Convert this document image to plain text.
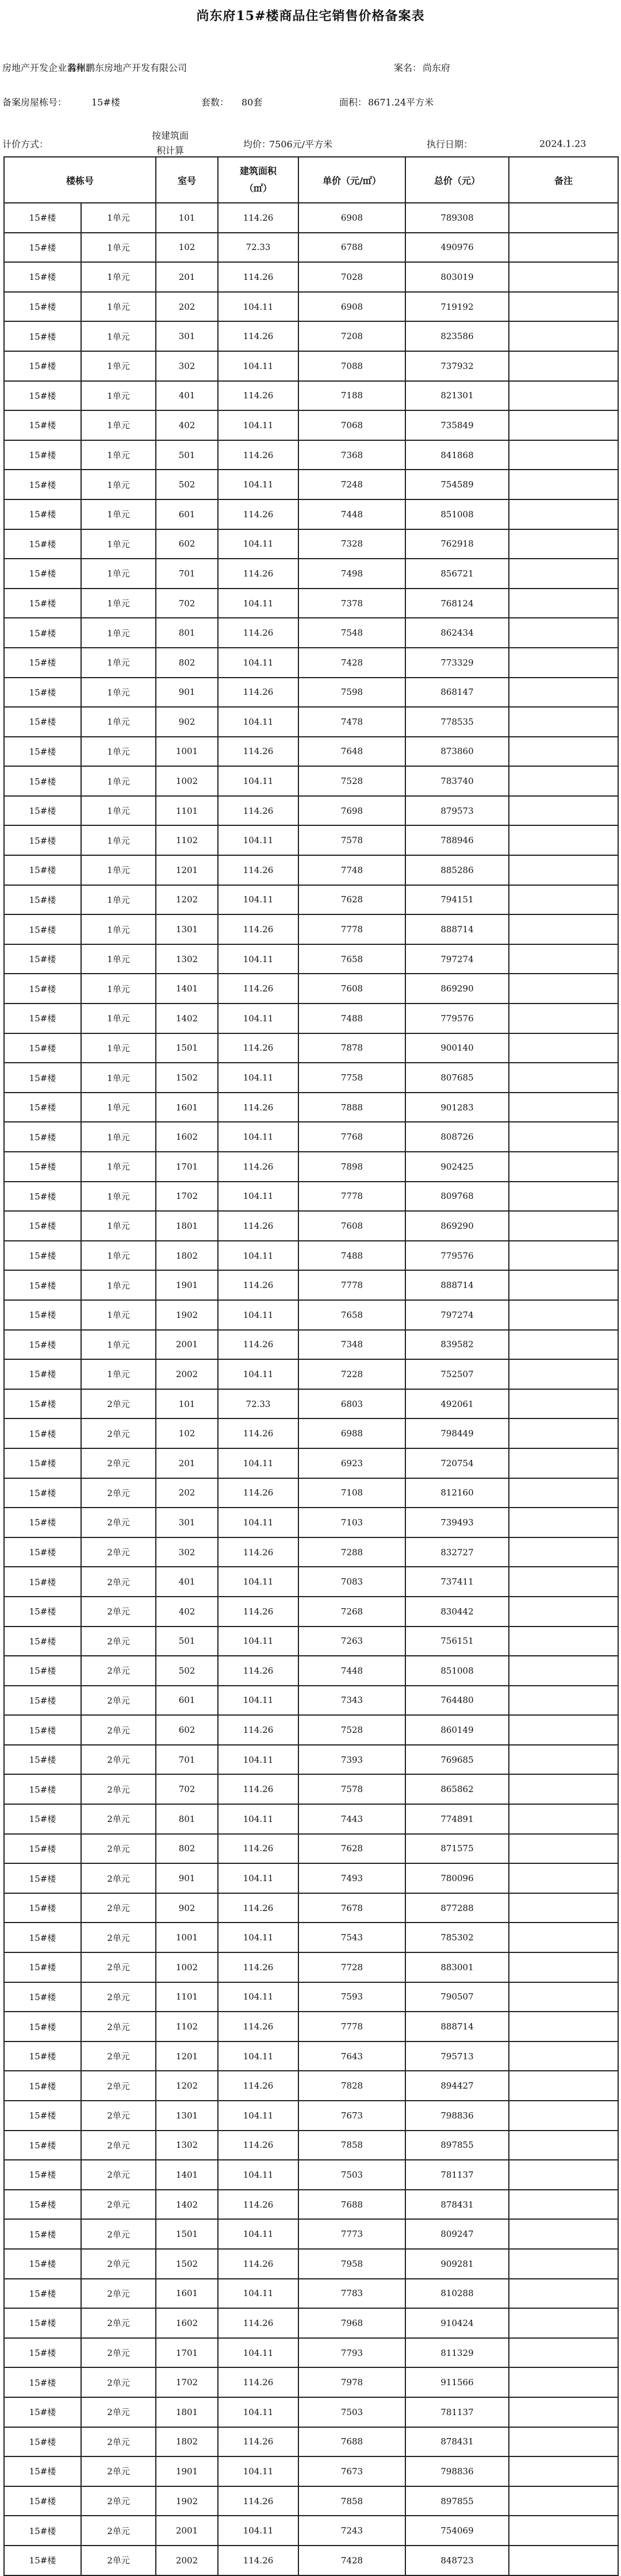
尚东府15#楼商品住宅销售价格备案表
房地产开发企业名称：
滁州鹏东房地产开发有限公司	案名： 尚东府
备案房屋栋号：	15#楼	套数： 80套	面积： 8671.24平方米
计价方式：
按建筑面
积计算
均价：
7506元/平方米	执行日期：	2024.1.23
楼栋号		室号	建筑面积
（㎡）	单价（元/㎡）	总价（元）	备注
15#楼	1单元	101	114.26	6908	789308	
15#楼	1单元	102	72.33	6788	490976	
15#楼	1单元	201	114.26	7028	803019	
15#楼	1单元	202	104.11	6908	719192	
15#楼	1单元	301	114.26	7208	823586	
15#楼	1单元	302	104.11	7088	737932	
15#楼	1单元	401	114.26	7188	821301	
15#楼	1单元	402	104.11	7068	735849	
15#楼	1单元	501	114.26	7368	841868	
15#楼	1单元	502	104.11	7248	754589	
15#楼	1单元	601	114.26	7448	851008	
15#楼	1单元	602	104.11	7328	762918	
15#楼	1单元	701	114.26	7498	856721	
15#楼	1单元	702	104.11	7378	768124	
15#楼	1单元	801	114.26	7548	862434	
15#楼	1单元	802	104.11	7428	773329	
15#楼	1单元	901	114.26	7598	868147	
15#楼	1单元	902	104.11	7478	778535	
15#楼	1单元	1001	114.26	7648	873860	
15#楼	1单元	1002	104.11	7528	783740	
15#楼	1单元	1101	114.26	7698	879573	
15#楼	1单元	1102	104.11	7578	788946	
15#楼	1单元	1201	114.26	7748	885286	
15#楼	1单元	1202	104.11	7628	794151	
15#楼	1单元	1301	114.26	7778	888714	
15#楼	1单元	1302	104.11	7658	797274	
15#楼	1单元	1401	114.26	7608	869290	
15#楼	1单元	1402	104.11	7488	779576	
15#楼	1单元	1501	114.26	7878	900140	
15#楼	1单元	1502	104.11	7758	807685	
15#楼	1单元	1601	114.26	7888	901283	
15#楼	1单元	1602	104.11	7768	808726	
15#楼	1单元	1701	114.26	7898	902425	
15#楼	1单元	1702	104.11	7778	809768	
15#楼	1单元	1801	114.26	7608	869290	
15#楼	1单元	1802	104.11	7488	779576	
15#楼	1单元	1901	114.26	7778	888714	
15#楼	1单元	1902	104.11	7658	797274	
15#楼	1单元	2001	114.26	7348	839582	
15#楼	1单元	2002	104.11	7228	752507	
15#楼	2单元	101	72.33	6803	492061	
15#楼	2单元	102	114.26	6988	798449	
15#楼	2单元	201	104.11	6923	720754	
15#楼	2单元	202	114.26	7108	812160	
15#楼	2单元	301	104.11	7103	739493	
15#楼	2单元	302	114.26	7288	832727	
15#楼	2单元	401	104.11	7083	737411	
15#楼	2单元	402	114.26	7268	830442	
15#楼	2单元	501	104.11	7263	756151	
15#楼	2单元	502	114.26	7448	851008	
15#楼	2单元	601	104.11	7343	764480	
15#楼	2单元	602	114.26	7528	860149	
15#楼	2单元	701	104.11	7393	769685	
15#楼	2单元	702	114.26	7578	865862	
15#楼	2单元	801	104.11	7443	774891	
15#楼	2单元	802	114.26	7628	871575	
15#楼	2单元	901	104.11	7493	780096	
15#楼	2单元	902	114.26	7678	877288	
15#楼	2单元	1001	104.11	7543	785302	
15#楼	2单元	1002	114.26	7728	883001	
15#楼	2单元	1101	104.11	7593	790507	
15#楼	2单元	1102	114.26	7778	888714	
15#楼	2单元	1201	104.11	7643	795713	
15#楼	2单元	1202	114.26	7828	894427	
15#楼	2单元	1301	104.11	7673	798836	
15#楼	2单元	1302	114.26	7858	897855	
15#楼	2单元	1401	104.11	7503	781137	
15#楼	2单元	1402	114.26	7688	878431	
15#楼	2单元	1501	104.11	7773	809247	
15#楼	2单元	1502	114.26	7958	909281	
15#楼	2单元	1601	104.11	7783	810288	
15#楼	2单元	1602	114.26	7968	910424	
15#楼	2单元	1701	104.11	7793	811329	
15#楼	2单元	1702	114.26	7978	911566	
15#楼	2单元	1801	104.11	7503	781137	
15#楼	2单元	1802	114.26	7688	878431	
15#楼	2单元	1901	104.11	7673	798836	
15#楼	2单元	1902	114.26	7858	897855	
15#楼	2单元	2001	104.11	7243	754069	
15#楼	2单元	2002	114.26	7428	848723	
